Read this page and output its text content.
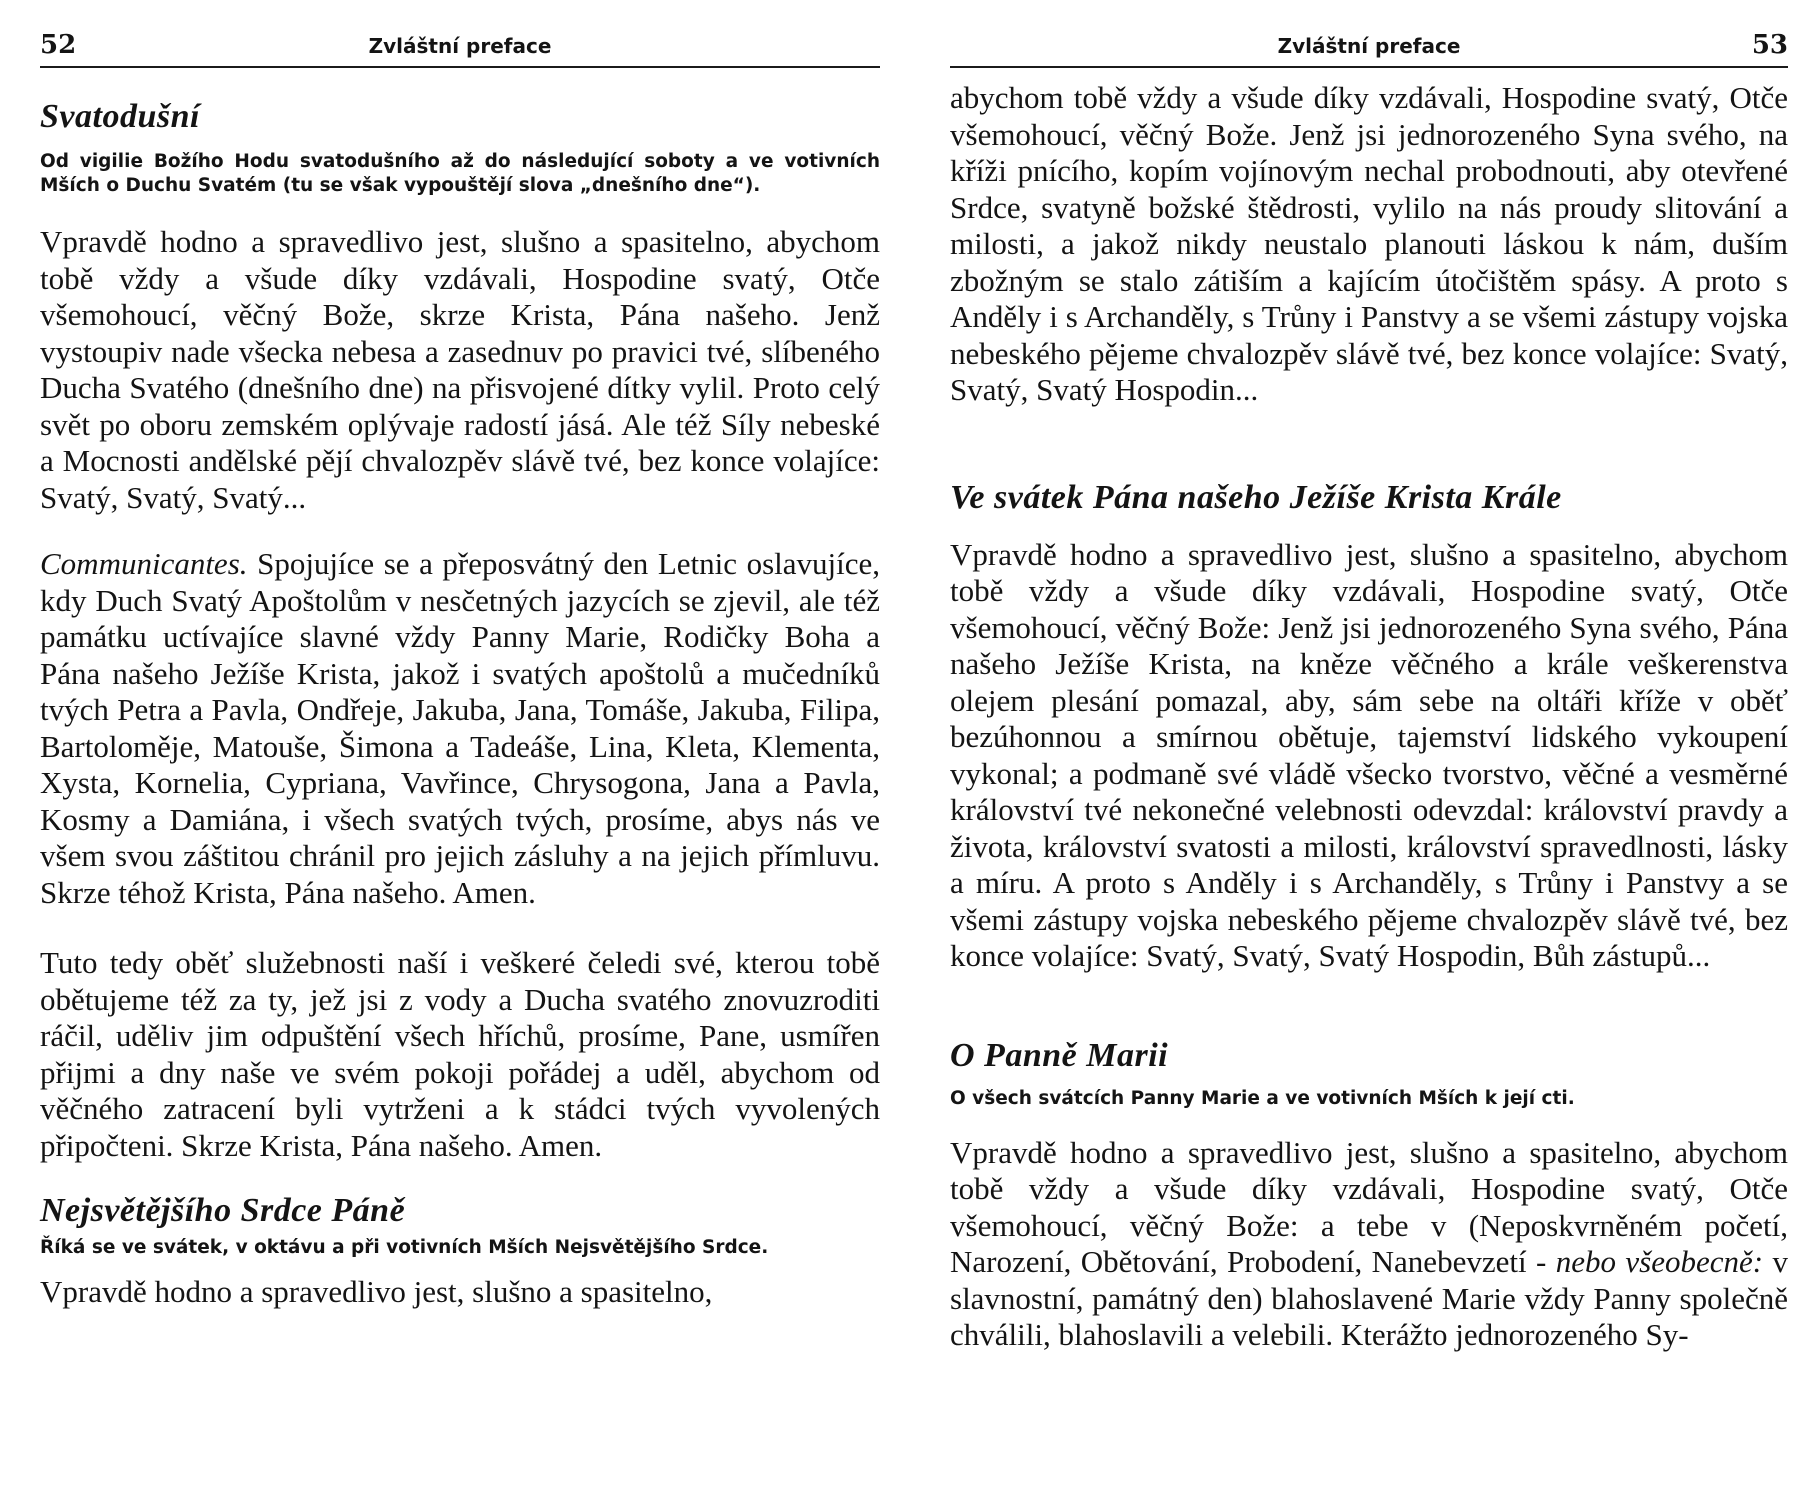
52	Zvláštní preface
Svatodušní

Od vigilie Božího Hodu svatodušního až do následující soboty a ve votivních Mších o Duchu Svatém (tu se však vypouštějí slova „dnešního dne“).

Vpravdě hodno a spravedlivo jest, slušno a spasitelno, abychom tobě vždy a všude díky vzdávali, Hospodine svatý, Otče všemohoucí, věčný Bože, skrze Krista, Pána našeho. Jenž vystoupiv nade všecka nebesa a zasednuv po pravici tvé, slíbeného Ducha Svatého (dnešního dne) na přisvojené dítky vylil. Proto celý svět po oboru zemském oplývaje radostí jásá. Ale též Síly nebeské a Mocnosti andělské pějí chvalozpěv slávě tvé, bez konce volajíce: Svatý, Svatý, Svatý...

Communicantes. Spojujíce se a přeposvátný den Letnic oslavujíce, kdy Duch Svatý Apoštolům v nesčetných jazycích se zjevil, ale též památku uctívajíce slavné vždy Panny Marie, Rodičky Boha a Pána našeho Ježíše Krista, jakož i svatých apoštolů a mučedníků tvých Petra a Pavla, Ondřeje, Jakuba, Jana, Tomáše, Jakuba, Filipa, Bartoloměje, Matouše, Šimona a Tadeáše, Lina, Kleta, Klementa, Xysta, Kornelia, Cypriana, Vavřince, Chrysogona, Jana a Pavla, Kosmy a Damiána, i všech svatých tvých, prosíme, abys nás ve všem svou záštitou chránil pro jejich zásluhy a na jejich přímluvu. Skrze téhož Krista, Pána našeho. Amen.

Tuto tedy oběť služebnosti naší i veškeré čeledi své, kterou tobě obětujeme též za ty, jež jsi z vody a Ducha svatého znovuzroditi ráčil, uděliv jim odpuštění všech hříchů, prosíme, Pane, usmířen přijmi a dny naše ve svém pokoji pořádej a uděl, abychom od věčného zatracení byli vytrženi a k stádci tvých vyvolených připočteni. Skrze Krista, Pána našeho. Amen.

Nejsvětějšího Srdce Páně

Říká se ve svátek, v oktávu a při votivních Mších Nejsvětějšího Srdce.

Vpravdě hodno a spravedlivo jest, slušno a spasitelno,

Zvláštní preface	53

abychom tobě vždy a všude díky vzdávali, Hospodine svatý, Otče všemohoucí, věčný Bože. Jenž jsi jednorozeného Syna svého, na kříži pnícího, kopím vojínovým nechal probodnouti, aby otevřené Srdce, svatyně božské štědrosti, vylilo na nás proudy slitování a milosti, a jakož nikdy neustalo planouti láskou k nám, duším zbožným se stalo zátiším a kajícím útočištěm spásy. A proto s Anděly i s Archanděly, s Trůny i Panstvy a se všemi zástupy vojska nebeského pějeme chvalozpěv slávě tvé, bez konce volajíce: Svatý, Svatý, Svatý Hospodin...

Ve svátek Pána našeho Ježíše Krista Krále

Vpravdě hodno a spravedlivo jest, slušno a spasitelno, abychom tobě vždy a všude díky vzdávali, Hospodine svatý, Otče všemohoucí, věčný Bože: Jenž jsi jednorozeného Syna svého, Pána našeho Ježíše Krista, na kněze věčného a krále veškerenstva olejem plesání pomazal, aby, sám sebe na oltáři kříže v oběť bezúhonnou a smírnou obětuje, tajemství lidského vykoupení vykonal; a podmaně své vládě všecko tvorstvo, věčné a vesměrné království tvé nekonečné velebnosti odevzdal: království pravdy a života, království svatosti a milosti, království spravedlnosti, lásky a míru. A proto s Anděly i s Archanděly, s Trůny i Panstvy a se všemi zástupy vojska nebeského pějeme chvalozpěv slávě tvé, bez konce volajíce: Svatý, Svatý, Svatý Hospodin, Bůh zástupů...

O Panně Marii

O všech svátcích Panny Marie a ve votivních Mších k její cti.

Vpravdě hodno a spravedlivo jest, slušno a spasitelno, abychom tobě vždy a všude díky vzdávali, Hospodine svatý, Otče všemohoucí, věčný Bože: a tebe v (Neposkvrněném početí, Narození, Obětování, Probodení, Nanebevzetí - nebo všeobecně: v slavnostní, památný den) blahoslavené Marie vždy Panny společně chválili, blahoslavili a velebili. Kterážto jednorozeného Sy-
